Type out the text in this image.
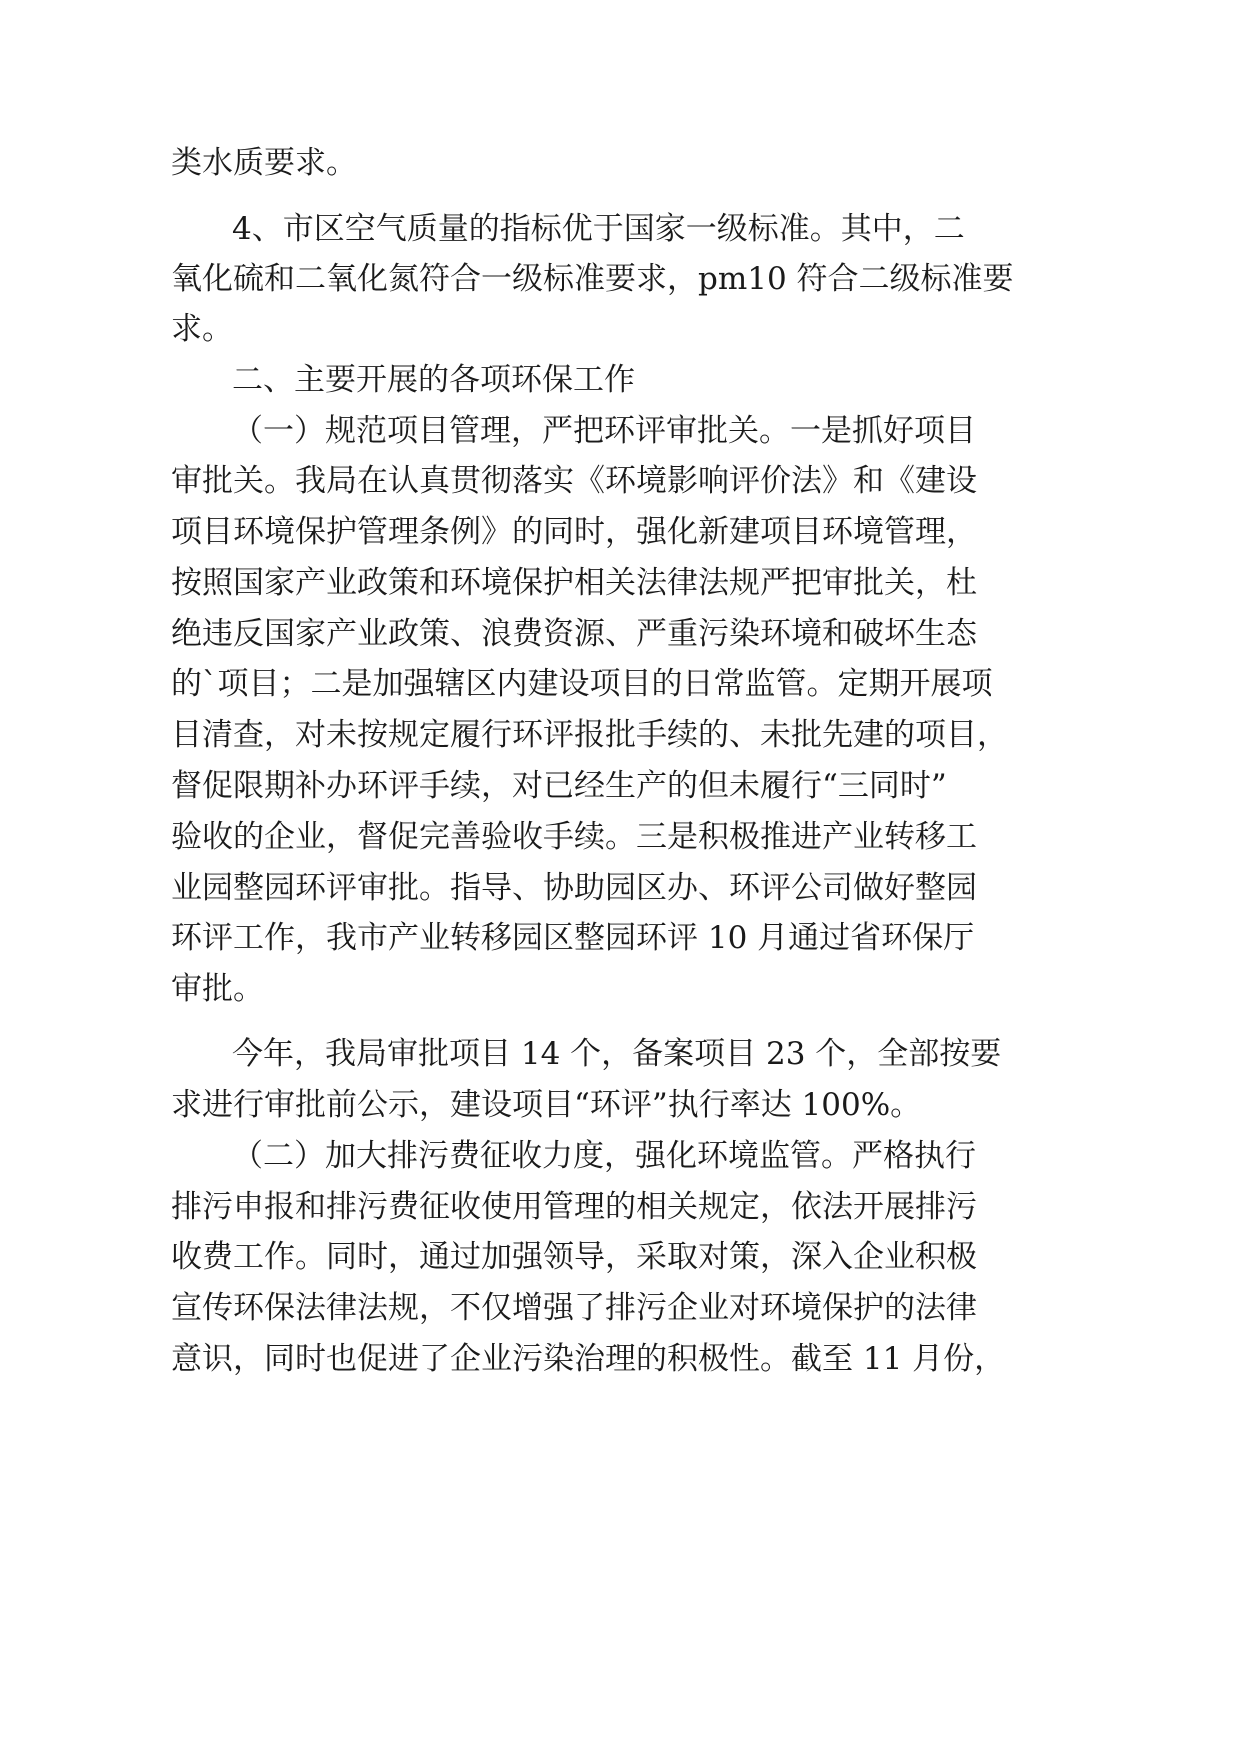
类水质要求。
4、市区空气质量的指标优于国家一级标准。其中，二
氧化硫和二氧化氮符合一级标准要求，pm10 符合二级标准要
求。
二、主要开展的各项环保工作
（一）规范项目管理，严把环评审批关。一是抓好项目
审批关。我局在认真贯彻落实《环境影响评价法》和《建设
项目环境保护管理条例》的同时，强化新建项目环境管理，
按照国家产业政策和环境保护相关法律法规严把审批关，杜
绝违反国家产业政策、浪费资源、严重污染环境和破坏生态
的`项目；二是加强辖区内建设项目的日常监管。定期开展项
目清查，对未按规定履行环评报批手续的、未批先建的项目，
督促限期补办环评手续，对已经生产的但未履行“三同时”
验收的企业，督促完善验收手续。三是积极推进产业转移工
业园整园环评审批。指导、协助园区办、环评公司做好整园
环评工作，我市产业转移园区整园环评 10 月通过省环保厅
审批。
今年，我局审批项目 14 个，备案项目 23 个，全部按要
求进行审批前公示，建设项目“环评”执行率达 100%。
（二）加大排污费征收力度，强化环境监管。严格执行
排污申报和排污费征收使用管理的相关规定，依法开展排污
收费工作。同时，通过加强领导，采取对策，深入企业积极
宣传环保法律法规，不仅增强了排污企业对环境保护的法律
意识，同时也促进了企业污染治理的积极性。截至 11 月份，
